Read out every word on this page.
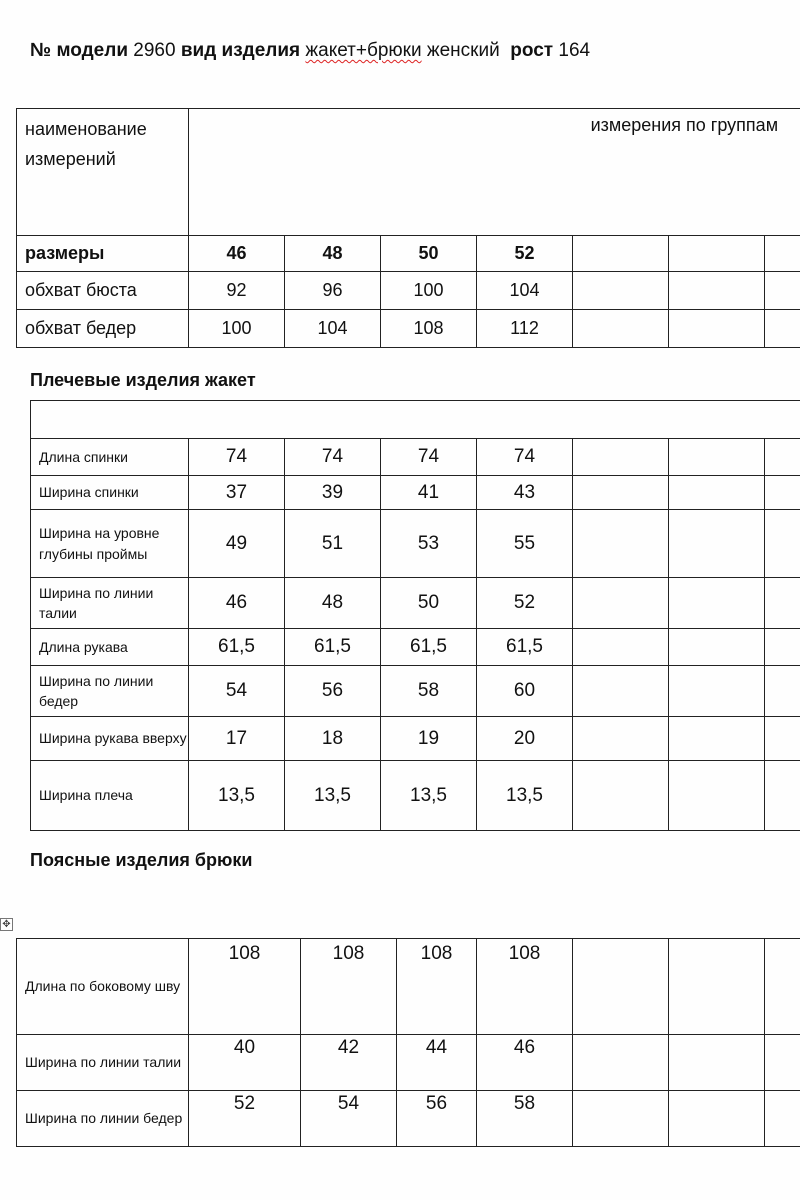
№ модели 2960 вид изделия жакет+брюки женский рост 164
наименование измерений	измерения по группам						
размеры	46	48	50	52			
обхват бюста	92	96	100	104			
обхват бедер	100	104	108	112			
Плечевые изделия жакет

Длина спинки	74	74	74	74			
Ширина спинки	37	39	41	43			
Ширина на уровне глубины проймы	49	51	53	55			
Ширина по линии талии	46	48	50	52			
Длина рукава	61,5	61,5	61,5	61,5			
Ширина по линии бедер	54	56	58	60			
Ширина рукава вверху	17	18	19	20			
Ширина плеча	13,5	13,5	13,5	13,5			
Поясные изделия брюки
✥
Длина по боковому шву	108	108	108	108			
Ширина по линии талии	40	42	44	46			
Ширина по линии бедер	52	54	56	58			
